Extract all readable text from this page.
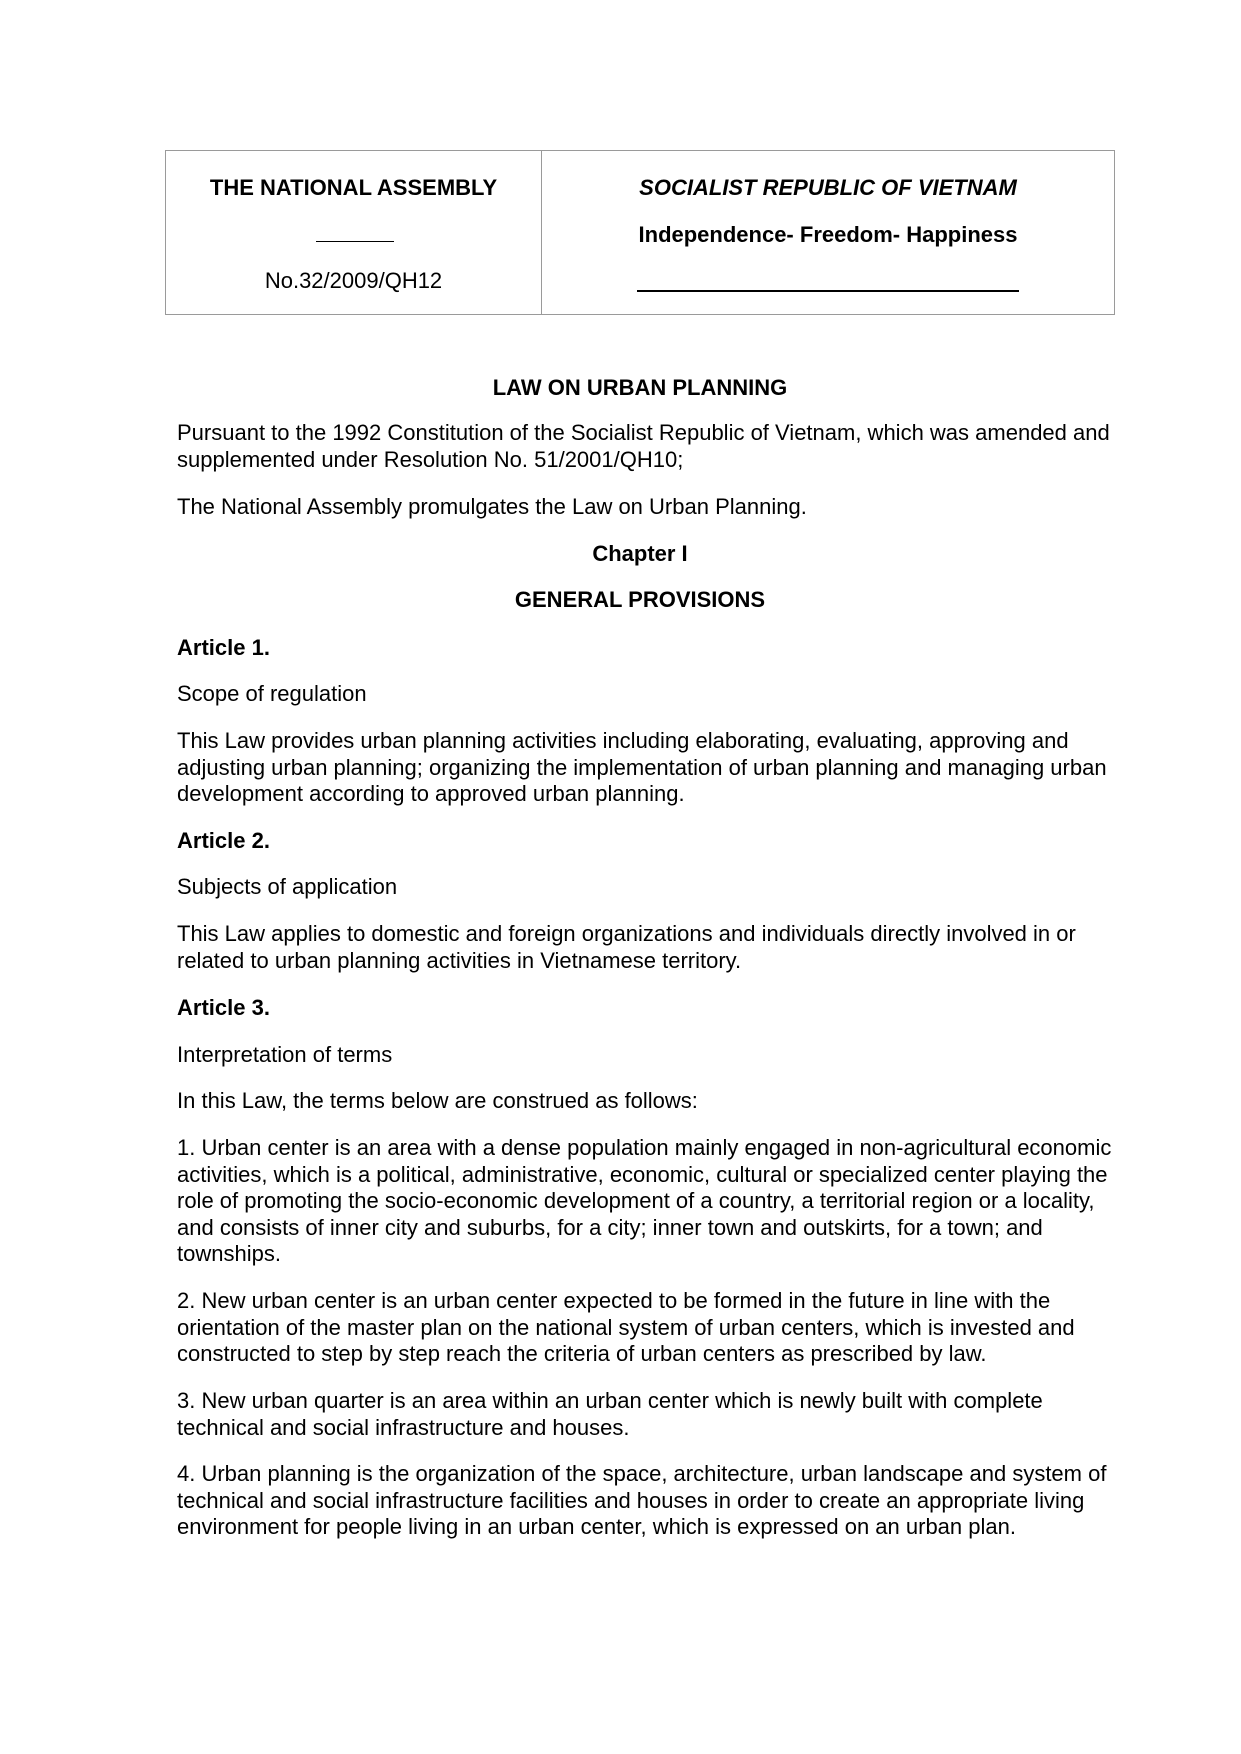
THE NATIONAL ASSEMBLY
No.32/2009/QH12
SOCIALIST REPUBLIC OF VIETNAM
Independence- Freedom- Happiness

LAW ON URBAN PLANNING

Pursuant to the 1992 Constitution of the Socialist Republic of Vietnam, which was amended and supplemented under Resolution No. 51/2001/QH10;

The National Assembly promulgates the Law on Urban Planning.

Chapter I

GENERAL PROVISIONS

Article 1.

Scope of regulation

This Law provides urban planning activities including elaborating, evaluating, approving and adjusting urban planning; organizing the implementation of urban planning and managing urban development according to approved urban planning.

Article 2.

Subjects of application

This Law applies to domestic and foreign organizations and individuals directly involved in or related to urban planning activities in Vietnamese territory.

Article 3.

Interpretation of terms

In this Law, the terms below are construed as follows:

1. Urban center is an area with a dense population mainly engaged in non-agricultural economic activities, which is a political, administrative, economic, cultural or specialized center playing the role of promoting the socio-economic development of a country, a territorial region or a locality, and consists of inner city and suburbs, for a city; inner town and outskirts, for a town; and townships.

2. New urban center is an urban center expected to be formed in the future in line with the orientation of the master plan on the national system of urban centers, which is invested and constructed to step by step reach the criteria of urban centers as prescribed by law.

3. New urban quarter is an area within an urban center which is newly built with complete technical and social infrastructure and houses.

4. Urban planning is the organization of the space, architecture, urban landscape and system of technical and social infrastructure facilities and houses in order to create an appropriate living environment for people living in an urban center, which is expressed on an urban plan.
